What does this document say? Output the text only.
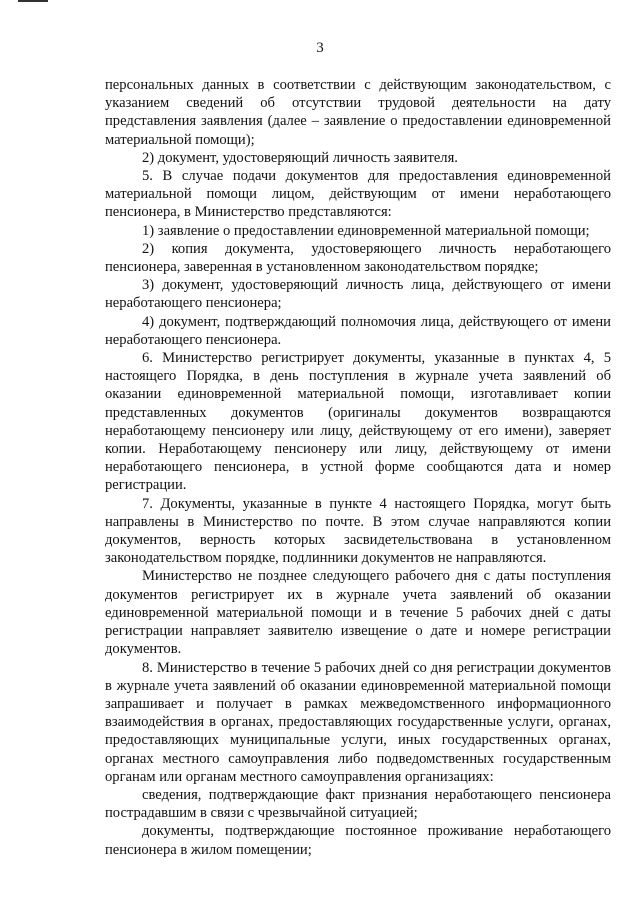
3

персональных данных в соответствии с действующим законодательством, с указанием сведений об отсутствии трудовой деятельности на дату представления заявления (далее – заявление о предоставлении единовременной материальной помощи);

2) документ, удостоверяющий личность заявителя.

5. В случае подачи документов для предоставления единовременной материальной помощи лицом, действующим от имени неработающего пенсионера, в Министерство представляются:

1) заявление о предоставлении единовременной материальной помощи;

2) копия документа, удостоверяющего личность неработающего пенсионера, заверенная в установленном законодательством порядке;

3) документ, удостоверяющий личность лица, действующего от имени неработающего пенсионера;

4) документ, подтверждающий полномочия лица, действующего от имени неработающего пенсионера.

6. Министерство регистрирует документы, указанные в пунктах 4, 5 настоящего Порядка, в день поступления в журнале учета заявлений об оказании единовременной материальной помощи, изготавливает копии представленных документов (оригиналы документов возвращаются неработающему пенсионеру или лицу, действующему от его имени), заверяет копии. Неработающему пенсионеру или лицу, действующему от имени неработающего пенсионера, в устной форме сообщаются дата и номер регистрации.

7. Документы, указанные в пункте 4 настоящего Порядка, могут быть направлены в Министерство по почте. В этом случае направляются копии документов, верность которых засвидетельствована в установленном законодательством порядке, подлинники документов не направляются.

Министерство не позднее следующего рабочего дня с даты поступления документов регистрирует их в журнале учета заявлений об оказании единовременной материальной помощи и в течение 5 рабочих дней с даты регистрации направляет заявителю извещение о дате и номере регистрации документов.

8. Министерство в течение 5 рабочих дней со дня регистрации документов в журнале учета заявлений об оказании единовременной материальной помощи запрашивает и получает в рамках межведомственного информационного взаимодействия в органах, предоставляющих государственные услуги, органах, предоставляющих муниципальные услуги, иных государственных органах, органах местного самоуправления либо подведомственных государственным органам или органам местного самоуправления организациях:

сведения, подтверждающие факт признания неработающего пенсионера пострадавшим в связи с чрезвычайной ситуацией;

документы, подтверждающие постоянное проживание неработающего пенсионера в жилом помещении;
